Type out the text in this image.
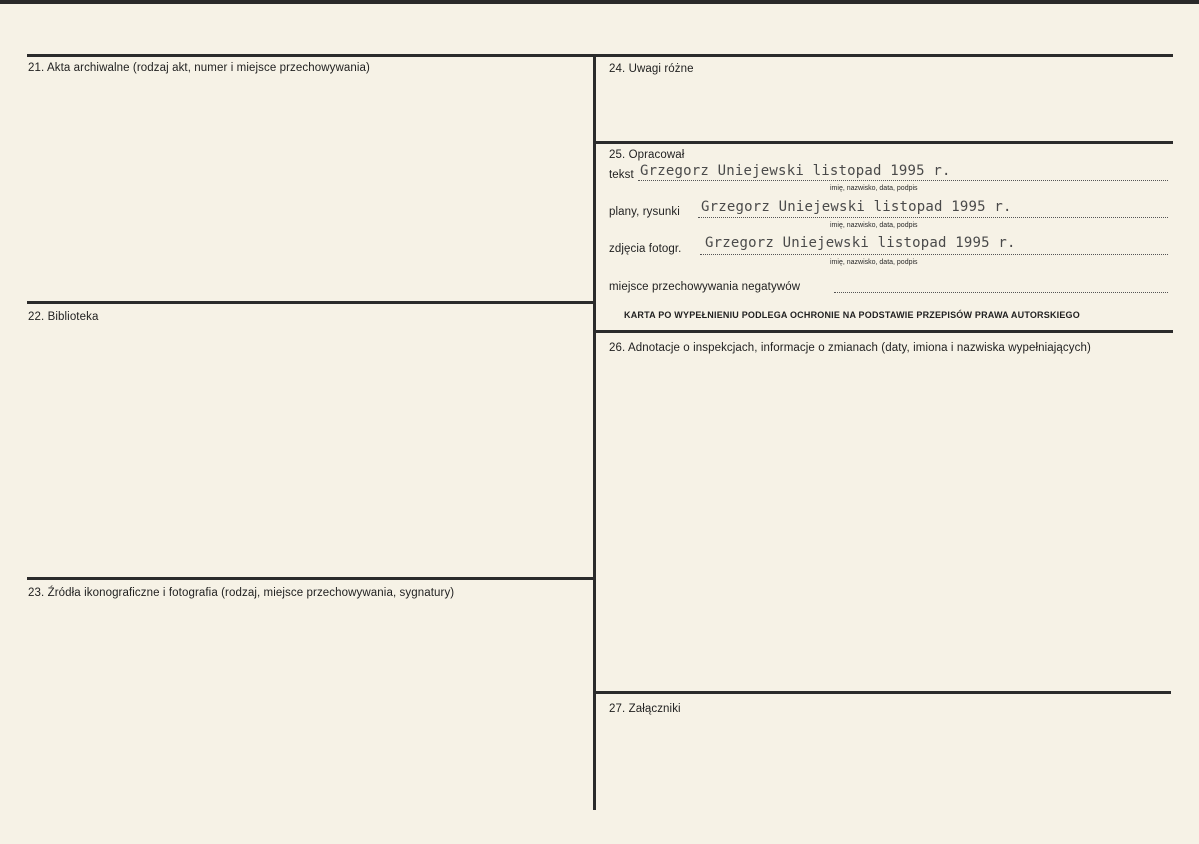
21. Akta archiwalne (rodzaj akt, numer i miejsce przechowywania)
22. Biblioteka
23. Źródła ikonograficzne i fotografia (rodzaj, miejsce przechowywania, sygnatury)
24. Uwagi różne
25. Opracował
tekst Grzegorz Uniejewski listopad 1995 r.
imię, nazwisko, data, podpis
plany, rysunki Grzegorz Uniejewski listopad 1995 r.
imię, nazwisko, data, podpis
zdjęcia fotogr. Grzegorz Uniejewski listopad 1995 r.
imię, nazwisko, data, podpis
miejsce przechowywania negatywów
KARTA PO WYPEŁNIENIU PODLEGA OCHRONIE NA PODSTAWIE PRZEPISÓW PRAWA AUTORSKIEGO
26. Adnotacje o inspekcjach, informacje o zmianach (daty, imiona i nazwiska wypełniających)
27. Załączniki
